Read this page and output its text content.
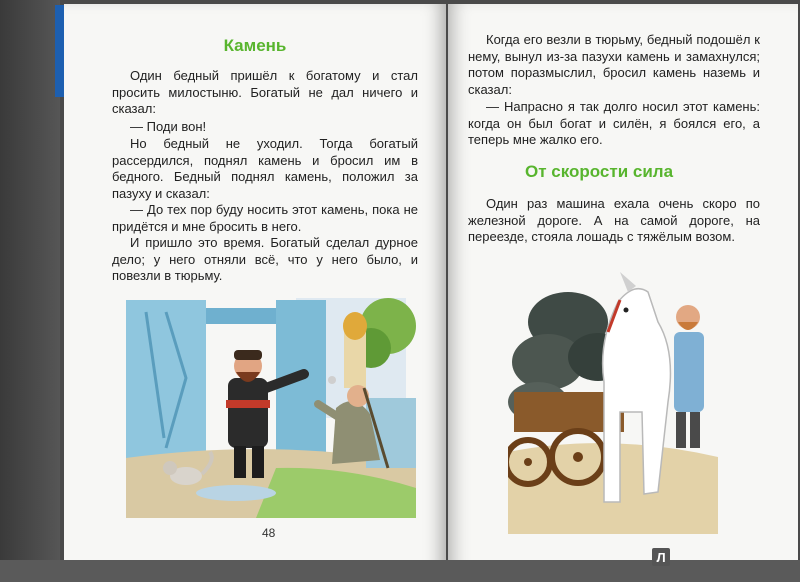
Камень

Один бедный пришёл к богатому и стал просить милостыню. Богатый не дал ничего и сказал:

— Поди вон!

Но бедный не уходил. Тогда богатый рассердился, поднял камень и бросил им в бедного. Бедный поднял камень, положил за пазуху и сказал:

— До тех пор буду носить этот камень, пока не придётся и мне бросить в него.

И пришло это время. Богатый сделал дурное дело; у него отняли всё, что у него было, и повезли в тюрьму.

48

Когда его везли в тюрьму, бедный подошёл к нему, вынул из-за пазухи камень и замахнулся; потом поразмыслил, бросил камень наземь и сказал:

— Напрасно я так долго носил этот камень: когда он был богат и силён, я боялся его, а теперь мне жалко его.

От скорости сила

Один раз машина ехала очень скоро по железной дороге. А на самой дороге, на переезде, стояла лошадь с тяжёлым возом.

Л
